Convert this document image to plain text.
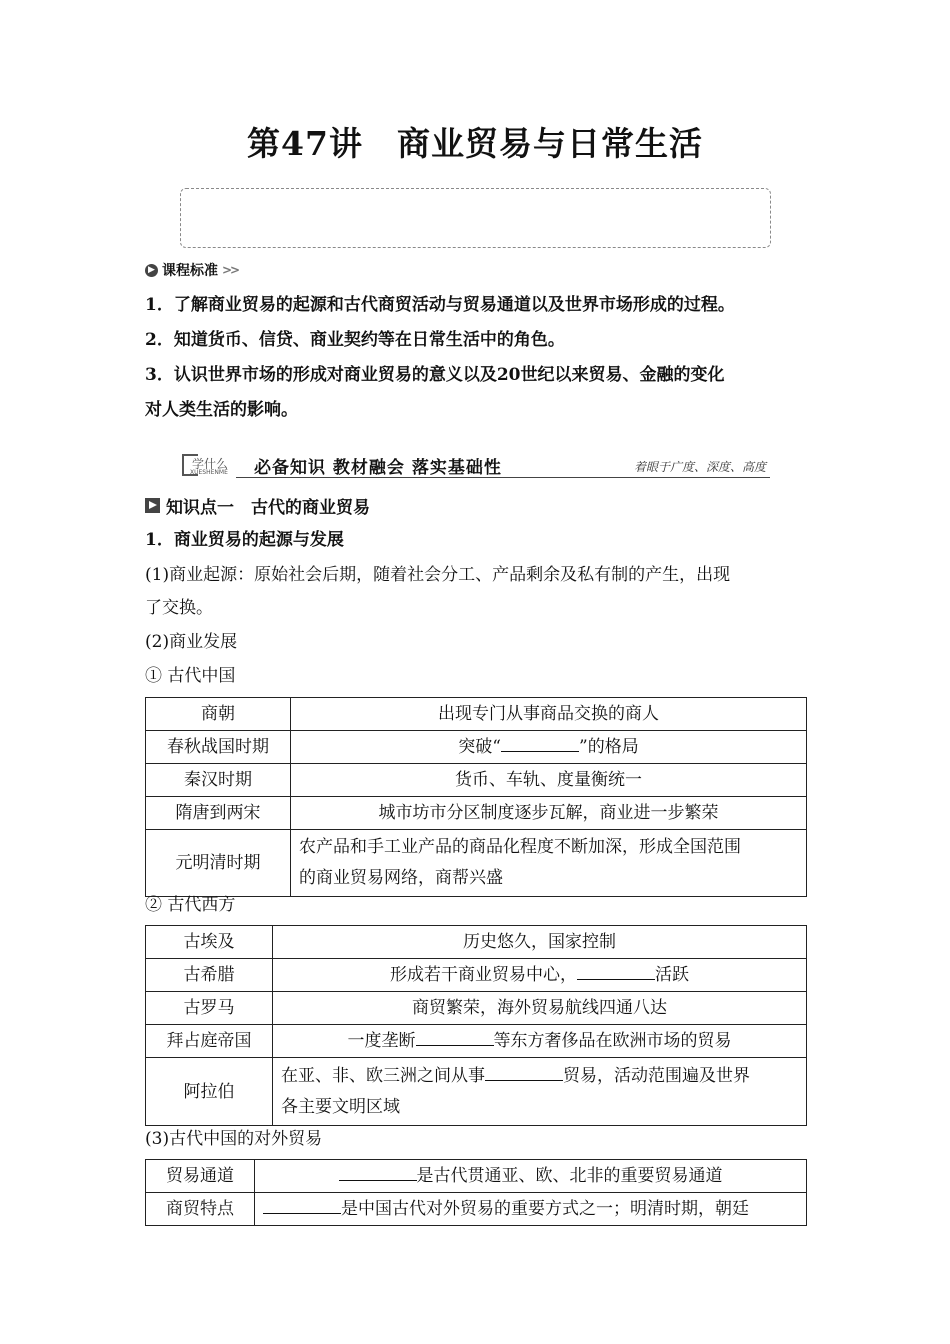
第47讲　商业贸易与日常生活
▶ 课程标准 >>
1．了解商业贸易的起源和古代商贸活动与贸易通道以及世界市场形成的过程。
2．知道货币、信贷、商业契约等在日常生活中的角色。
3．认识世界市场的形成对商业贸易的意义以及20世纪以来贸易、金融的变化
对人类生活的影响。
学什么
XUESHENME 必备知识 教材融会 落实基础性	着眼于广度、深度、高度
知识点一　古代的商业贸易
1．商业贸易的起源与发展
(1)商业起源：原始社会后期，随着社会分工、产品剩余及私有制的产生，出现
了交换。
(2)商业发展
① 古代中国
商朝	出现专门从事商品交换的商人
春秋战国时期	突破“ ”的格局
秦汉时期	货币、车轨、度量衡统一
隋唐到两宋	城市坊市分区制度逐步瓦解，商业进一步繁荣
元明清时期	农产品和手工业产品的商品化程度不断加深，形成全国范围
的商业贸易网络，商帮兴盛
② 古代西方
古埃及	历史悠久，国家控制
古希腊	形成若干商业贸易中心， 活跃
古罗马	商贸繁荣，海外贸易航线四通八达
拜占庭帝国	一度垄断 等东方奢侈品在欧洲市场的贸易
阿拉伯	在亚、非、欧三洲之间从事 贸易，活动范围遍及世界
各主要文明区域
(3)古代中国的对外贸易
贸易通道	是古代贯通亚、欧、北非的重要贸易通道
商贸特点	是中国古代对外贸易的重要方式之一；明清时期，朝廷
